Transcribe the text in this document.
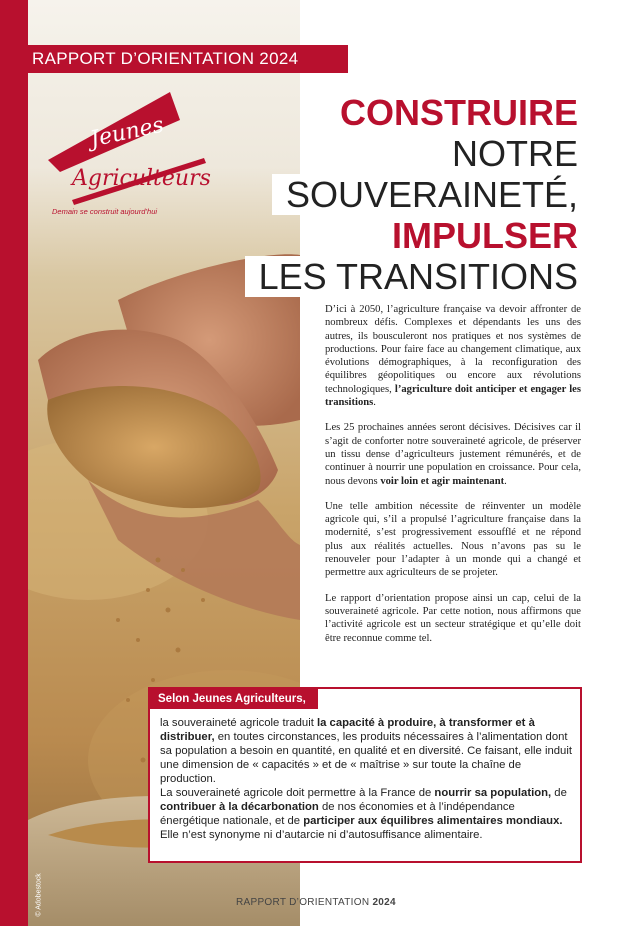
© Adobestock
RAPPORT D’ORIENTATION 2024
Jeunes
Agriculteurs
Demain se construit aujourd’hui
CONSTRUIRE
NOTRE
SOUVERAINETÉ,
IMPULSER
LES TRANSITIONS

D’ici à 2050, l’agriculture française va devoir affronter de nombreux défis. Complexes et dépendants les uns des autres, ils bousculeront nos pratiques et nos systèmes de productions. Pour faire face au changement climatique, aux évolutions démographiques, à la reconfiguration des équilibres géopolitiques ou encore aux révolutions technologiques, l’agriculture doit anticiper et engager les transitions.

Les 25 prochaines années seront décisives. Décisives car il s’agit de conforter notre souveraineté agricole, de préserver un tissu dense d’agriculteurs justement rémunérés, et de continuer à nourrir une population en croissance. Pour cela, nous devons voir loin et agir maintenant.

Une telle ambition nécessite de réinventer un modèle agricole qui, s’il a propulsé l’agriculture française dans la modernité, s’est progressivement essoufflé et ne répond plus aux réalités actuelles. Nous n’avons pas su le renouveler pour l’adapter à un monde qui a changé et permettre aux agriculteurs de se projeter.

Le rapport d’orientation propose ainsi un cap, celui de la souveraineté agricole. Par cette notion, nous affirmons que l’activité agricole est un secteur stratégique et qu’elle doit être reconnue comme tel.

Selon Jeunes Agriculteurs,

la souveraineté agricole traduit la capacité à produire, à transformer et à distribuer, en toutes circonstances, les produits nécessaires à l’alimentation dont sa population a besoin en quantité, en qualité et en diversité. Ce faisant, elle induit une dimension de « capacités » et de « maîtrise » sur toute la chaîne de production.

La souveraineté agricole doit permettre à la France de nourrir sa population, de contribuer à la décarbonation de nos économies et à l’indépendance énergétique nationale, et de participer aux équilibres alimentaires mondiaux. Elle n’est synonyme ni d’autarcie ni d’autosuffisance alimentaire.

RAPPORT D’ORIENTATION 2024
